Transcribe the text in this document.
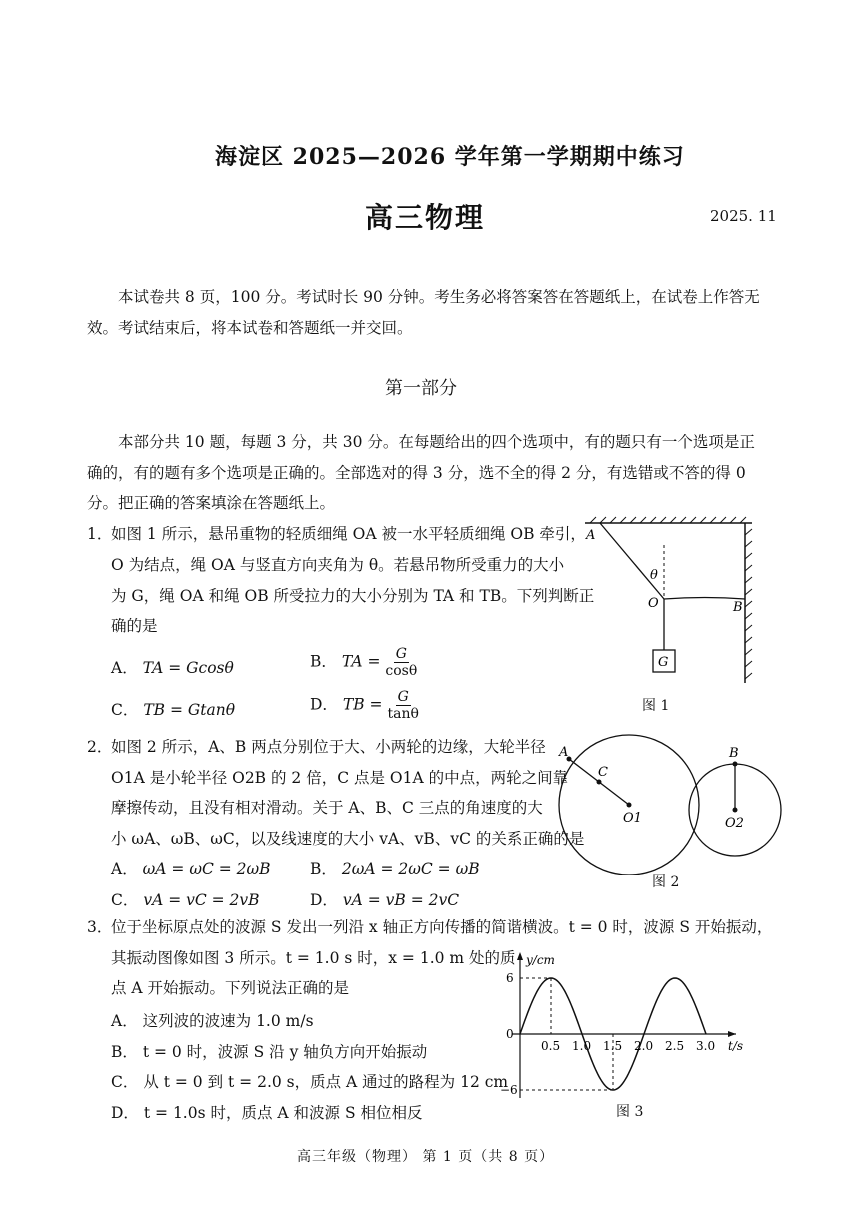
海淀区 2025—2026 学年第一学期期中练习
高三物理	2025. 11
本试卷共 8 页，100 分。考试时长 90 分钟。考生务必将答案答在答题纸上，在试卷上作答无
效。考试结束后，将本试卷和答题纸一并交回。
第一部分
本部分共 10 题，每题 3 分，共 30 分。在每题给出的四个选项中，有的题只有一个选项是正
确的，有的题有多个选项是正确的。全部选对的得 3 分，选不全的得 2 分，有选错或不答的得 0
分。把正确的答案填涂在答题纸上。
1．
如图 1 所示，悬吊重物的轻质细绳 OA 被一水平轻质细绳 OB 牵引，
O 为结点，绳 OA 与竖直方向夹角为 θ。若悬吊物所受重力的大小
为 G，绳 OA 和绳 OB 所受拉力的大小分别为 TA 和 TB。下列判断正
确的是
A． TA = Gcosθ	B． TA = $\frac{G}{\cos\theta}$
C． TB = Gtanθ	D． TB = $\frac{G}{\tan\theta}$
A
θ
O	B
G
图 1
2．
如图 2 所示，A、B 两点分别位于大、小两轮的边缘，大轮半径
O1A 是小轮半径 O2B 的 2 倍，C 点是 O1A 的中点，两轮之间靠
摩擦传动，且没有相对滑动。关于 A、B、C 三点的角速度的大
小 ωA、ωB、ωC，以及线速度的大小 vA、vB、vC 的关系正确的是
A． ωA = ωC = 2ωB	B． 2ωA = 2ωC = ωB
C． vA = vC = 2vB	D． vA = vB = 2vC
A
C
O1
B
O2
图 2
3．
位于坐标原点处的波源 S 发出一列沿 x 轴正方向传播的简谐横波。t = 0 时，波源 S 开始振动，
其振动图像如图 3 所示。t = 1.0 s 时，x = 1.0 m 处的质
点 A 开始振动。下列说法正确的是
A． 这列波的波速为 1.0 m/s
B． t = 0 时，波源 S 沿 y 轴负方向开始振动
C． 从 t = 0 到 t = 2.0 s，质点 A 通过的路程为 12 cm
D． t = 1.0s 时，质点 A 和波源 S 相位相反
y/cm
t/s
0
6
−6
0.5 1.0 1.5 2.0 2.5 3.0
图 3
高三年级（物理） 第 1 页（共 8 页）
